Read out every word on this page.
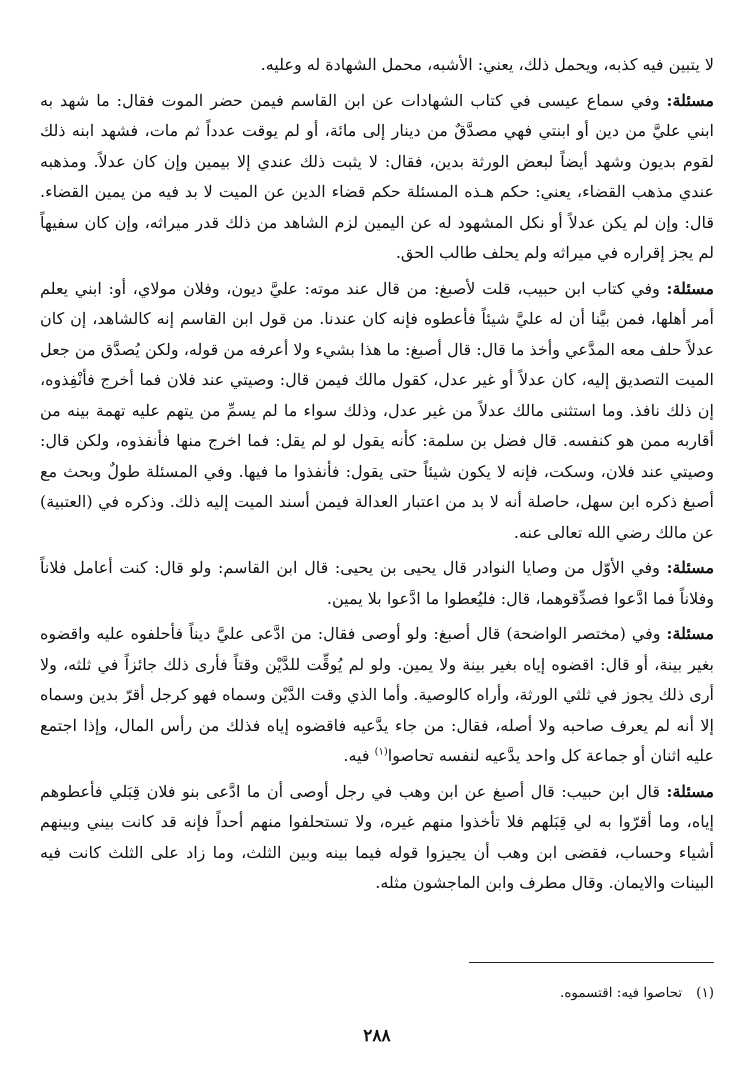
لا يتبين فيه كذبه، ويحمل ذلك، يعني: الأشبه، محمل الشهادة له وعليه.

مسئلة: وفي سماع عيسى في كتاب الشهادات عن ابن القاسم فيمن حضر الموت فقال: ما شهد به ابني عليَّ من دين أو ابنتي فهي مصدَّقٌ من دينار إلى مائة، أو لم يوقت عدداً ثم مات، فشهد ابنه ذلك لقوم بديون وشهد أيضاً لبعض الورثة بدين، فقال: لا يثبت ذلك عندي إلا بيمين وإن كان عدلاً. ومذهبه عندي مذهب القضاء، يعني: حكم هـذه المسئلة حكم قضاء الدين عن الميت لا بد فيه من يمين القضاء. قال: وإن لم يكن عدلاً أو نكل المشهود له عن اليمين لزم الشاهد من ذلك قدر ميراثه، وإن كان سفيهاً لم يجز إقراره في ميراثه ولم يحلف طالب الحق.

مسئلة: وفي كتاب ابن حبيب، قلت لأصبغ: من قال عند موته: عليَّ ديون، وفلان مولاي، أو: ابني يعلم أمر أهلها، فمن بيَّنا أن له عليَّ شيئاً فأعطوه فإنه كان عندنا. من قول ابن القاسم إنه كالشاهد، إن كان عدلاً حلف معه المدَّعي وأخذ ما قال: قال أصبغ: ما هذا بشيء ولا أعرفه من قوله، ولكن يُصدَّق من جعل الميت التصديق إليه، كان عدلاً أو غير عدل، كقول مالك فيمن قال: وصيتي عند فلان فما أخرج فأنْفِذوه، إن ذلك نافذ. وما استثنى مالك عدلاً من غير عدل، وذلك سواء ما لم يسمِّ من يتهم عليه تهمة بينه من أقاربه ممن هو كنفسه. قال فضل بن سلمة: كأنه يقول لو لم يقل: فما اخرج منها فأنفذوه، ولكن قال: وصيتي عند فلان، وسكت، فإنه لا يكون شيئاً حتى يقول: فأنفذوا ما فيها. وفي المسئلة طولٌ وبحث مع أصبغ ذكره ابن سهل، حاصلة أنه لا بد من اعتبار العدالة فيمن أسند الميت إليه ذلك. وذكره في (العتبية) عن مالك رضي الله تعالى عنه.

مسئلة: وفي الأوّل من وصايا النوادر قال يحيى بن يحيى: قال ابن القاسم: ولو قال: كنت أعامل فلاناً وفلاناً فما ادَّعوا فصدِّقوهما، قال: فليُعطوا ما ادَّعوا بلا يمين.

مسئلة: وفي (مختصر الواضحة) قال أصبغ: ولو أوصى فقال: من ادَّعى عليَّ ديناً فأحلفوه عليه واقضوه بغير بينة، أو قال: اقضوه إياه بغير بينة ولا يمين. ولو لم يُوقِّت للدَّيْن وقتاً فأرى ذلك جائزاً في ثلثه، ولا أرى ذلك يجوز في ثلثي الورثة، وأراه كالوصية. وأما الذي وقت الدَّيْن وسماه فهو كرجل أقرّ بدين وسماه إلا أنه لم يعرف صاحبه ولا أصله، فقال: من جاء يدَّعيه فاقضوه إياه فذلك من رأس المال، وإذا اجتمع عليه اثنان أو جماعة كل واحد يدَّعيه لنفسه تحاصوا$^{(١)}$ فيه.

مسئلة: قال ابن حبيب: قال أصبغ عن ابن وهب في رجل أوصى أن ما ادَّعى بنو فلان قِبَلي فأعطوهم إياه، وما أقرّوا به لي قِبَلهم فلا تأخذوا منهم غيره، ولا تستحلفوا منهم أحداً فإنه قد كانت بيني وبينهم أشياء وحساب، فقضى ابن وهب أن يجيزوا قوله فيما بينه وبين الثلث، وما زاد على الثلث كانت فيه البينات والايمان. وقال مطرف وابن الماجشون مثله.

(١)تحاصوا فيه: اقتسموه.
٢٨٨
